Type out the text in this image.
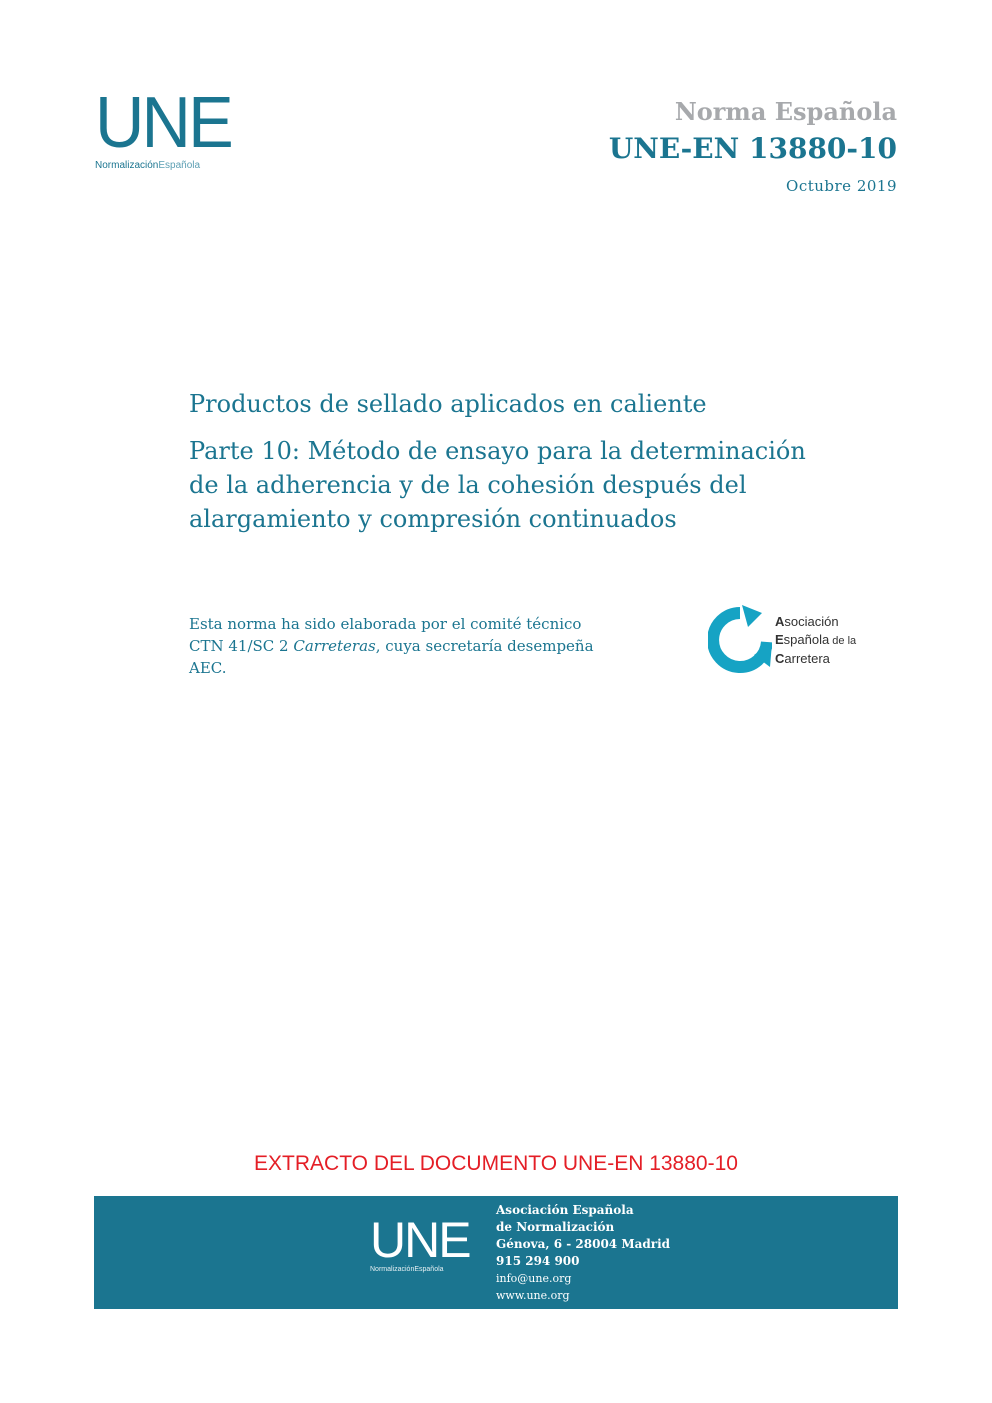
UNE
NormalizaciónEspañola
Norma Española
UNE-EN 13880-10
Octubre 2019
Productos de sellado aplicados en caliente
Parte 10: Método de ensayo para la determinación
de la adherencia y de la cohesión después del
alargamiento y compresión continuados
Esta norma ha sido elaborada por el comité técnico
CTN 41/SC 2 Carreteras, cuya secretaría desempeña
AEC.
Asociación
Española de la
Carretera
EXTRACTO DEL DOCUMENTO UNE-EN 13880-10
UNE
NormalizaciónEspañola
Asociación Española
de Normalización
Génova, 6 - 28004 Madrid
915 294 900
info@une.org
www.une.org
